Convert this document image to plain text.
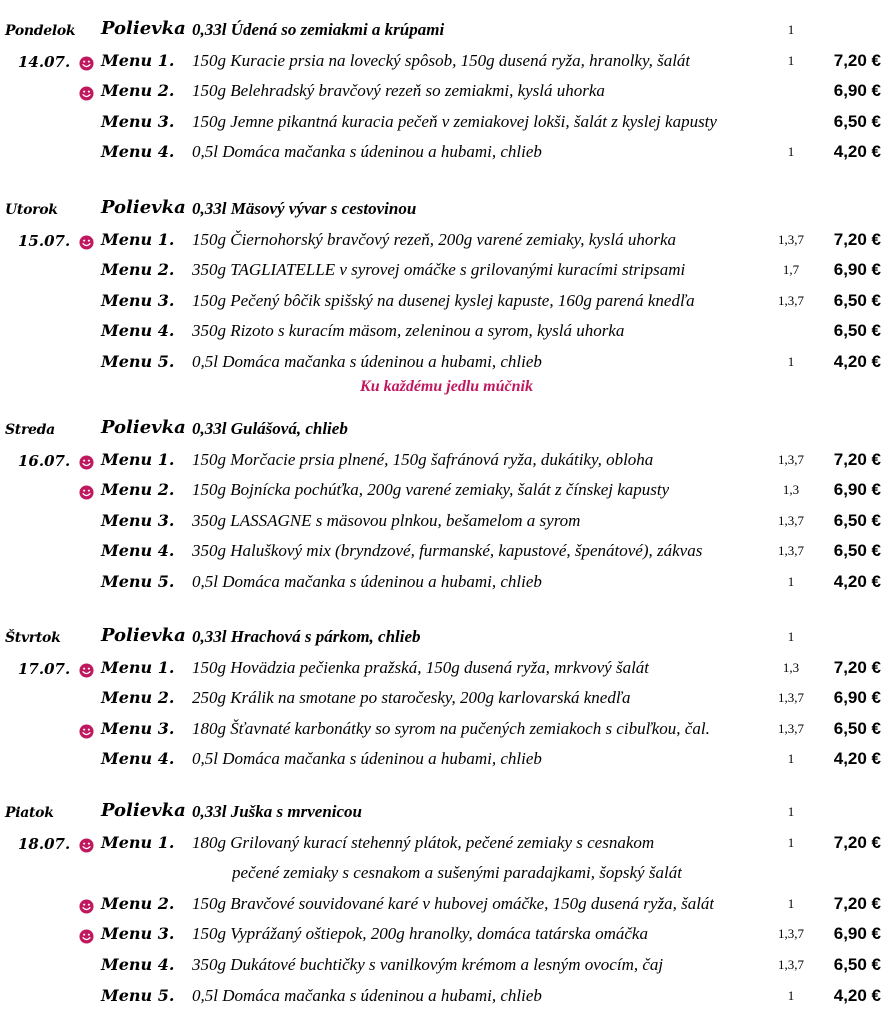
Pondelok Polievka 0,33l Údená so zemiakmi a krúpami	1
14.07. Menu 1. 150g Kuracie prsia na lovecký spôsob, 150g dusená ryža, hranolky, šalát	1	7,20 €
Menu 2. 150g Belehradský bravčový rezeň so zemiakmi, kyslá uhorka	6,90 €
Menu 3. 150g Jemne pikantná kuracia pečeň v zemiakovej lokši, šalát z kyslej kapusty	6,50 €
Menu 4. 0,5l Domáca mačanka s údeninou a hubami, chlieb	1	4,20 €
Utorok Polievka 0,33l Mäsový vývar s cestovinou
15.07. Menu 1. 150g Čiernohorský bravčový rezeň, 200g varené zemiaky, kyslá uhorka	1,3,7	7,20 €
Menu 2. 350g TAGLIATELLE v syrovej omáčke s grilovanými kuracími stripsami	1,7	6,90 €
Menu 3. 150g Pečený bôčik spišský na dusenej kyslej kapuste, 160g parená knedľa	1,3,7	6,50 €
Menu 4. 350g Rizoto s kuracím mäsom, zeleninou a syrom, kyslá uhorka	6,50 €
Menu 5. 0,5l Domáca mačanka s údeninou a hubami, chlieb	1	4,20 €
Ku každému jedlu múčnik
Streda	Polievka 0,33l Gulášová, chlieb
16.07. Menu 1. 150g Morčacie prsia plnené, 150g šafránová ryža, dukátiky, obloha	1,3,7	7,20 €
Menu 2. 150g Bojnícka pochúťka, 200g varené zemiaky, šalát z čínskej kapusty	1,3	6,90 €
Menu 3. 350g LASSAGNE s mäsovou plnkou, bešamelom a syrom	1,3,7	6,50 €
Menu 4. 350g Haluškový mix (bryndzové, furmanské, kapustové, špenátové), zákvas	1,3,7	6,50 €
Menu 5. 0,5l Domáca mačanka s údeninou a hubami, chlieb	1	4,20 €
Štvrtok Polievka 0,33l Hrachová s párkom, chlieb	1
17.07. Menu 1. 150g Hovädzia pečienka pražská, 150g dusená ryža, mrkvový šalát	1,3	7,20 €
Menu 2. 250g Králik na smotane po staročesky, 200g karlovarská knedľa	1,3,7	6,90 €
Menu 3. 180g Šťavnaté karbonátky so syrom na pučených zemiakoch s cibuľkou, čal.	1,3,7	6,50 €
Menu 4. 0,5l Domáca mačanka s údeninou a hubami, chlieb	1	4,20 €
Piatok	Polievka 0,33l Juška s mrvenicou	1
18.07. Menu 1. 180g Grilovaný kurací stehenný plátok, pečené zemiaky s cesnakom	1	7,20 €
pečené zemiaky s cesnakom a sušenými paradajkami, šopský šalát
Menu 2. 150g Bravčové souvidované karé v hubovej omáčke, 150g dusená ryža, šalát	1	7,20 €
Menu 3. 150g Vyprážaný oštiepok, 200g hranolky, domáca tatárska omáčka	1,3,7	6,90 €
Menu 4. 350g Dukátové buchtičky s vanilkovým krémom a lesným ovocím, čaj	1,3,7	6,50 €
Menu 5. 0,5l Domáca mačanka s údeninou a hubami, chlieb	1	4,20 €
